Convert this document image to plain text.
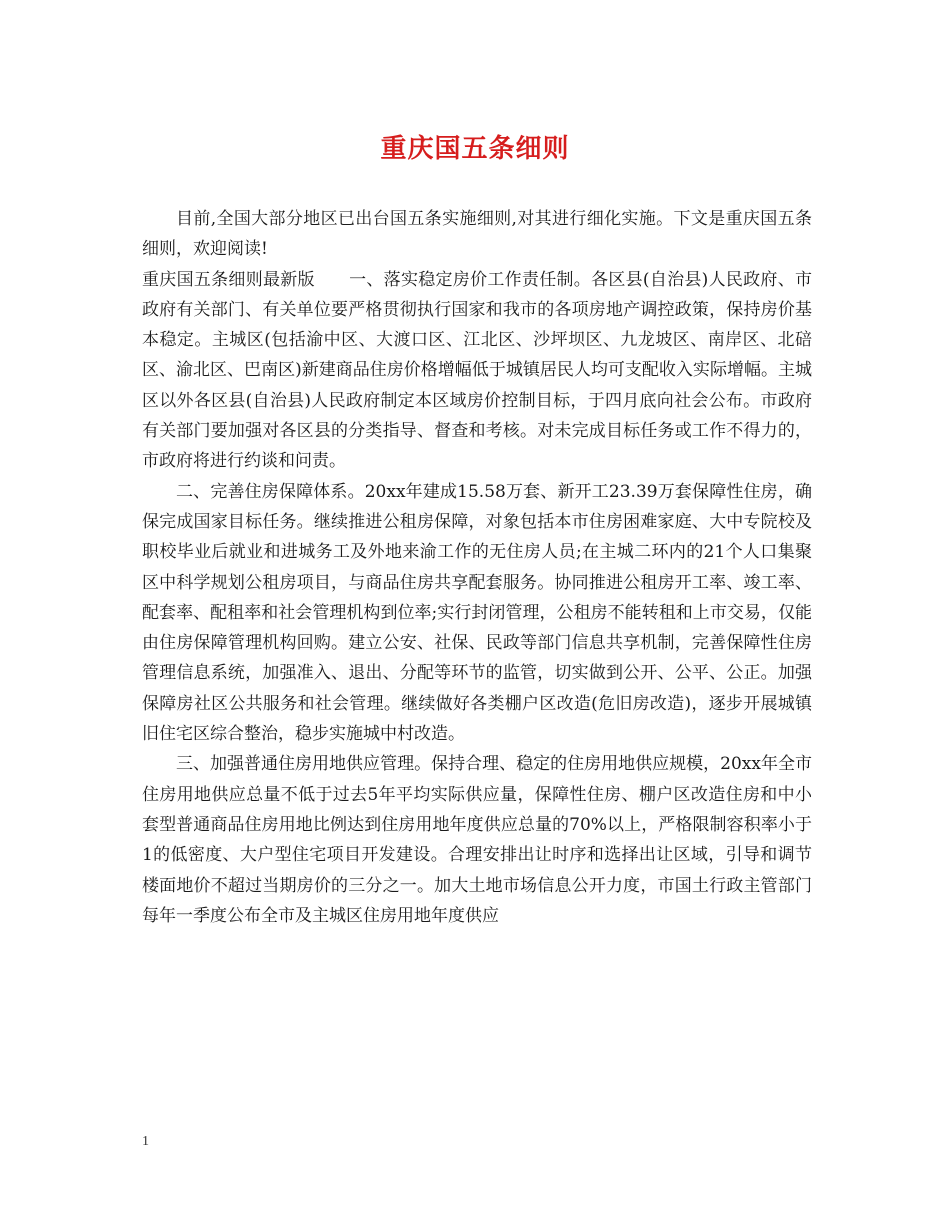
重庆国五条细则

目前,全国大部分地区已出台国五条实施细则,对其进行细化实施。下文是重庆国五条细则，欢迎阅读!

重庆国五条细则最新版 一、落实稳定房价工作责任制。各区县(自治县)人民政府、市政府有关部门、有关单位要严格贯彻执行国家和我市的各项房地产调控政策，保持房价基本稳定。主城区(包括渝中区、大渡口区、江北区、沙坪坝区、九龙坡区、南岸区、北碚区、渝北区、巴南区)新建商品住房价格增幅低于城镇居民人均可支配收入实际增幅。主城区以外各区县(自治县)人民政府制定本区域房价控制目标，于四月底向社会公布。市政府有关部门要加强对各区县的分类指导、督查和考核。对未完成目标任务或工作不得力的，市政府将进行约谈和问责。

二、完善住房保障体系。20xx年建成15.58万套、新开工23.39万套保障性住房，确保完成国家目标任务。继续推进公租房保障，对象包括本市住房困难家庭、大中专院校及职校毕业后就业和进城务工及外地来渝工作的无住房人员;在主城二环内的21个人口集聚区中科学规划公租房项目，与商品住房共享配套服务。协同推进公租房开工率、竣工率、配套率、配租率和社会管理机构到位率;实行封闭管理，公租房不能转租和上市交易，仅能由住房保障管理机构回购。建立公安、社保、民政等部门信息共享机制，完善保障性住房管理信息系统，加强准入、退出、分配等环节的监管，切实做到公开、公平、公正。加强保障房社区公共服务和社会管理。继续做好各类棚户区改造(危旧房改造)，逐步开展城镇旧住宅区综合整治，稳步实施城中村改造。

三、加强普通住房用地供应管理。保持合理、稳定的住房用地供应规模，20xx年全市住房用地供应总量不低于过去5年平均实际供应量，保障性住房、棚户区改造住房和中小套型普通商品住房用地比例达到住房用地年度供应总量的70%以上，严格限制容积率小于1的低密度、大户型住宅项目开发建设。合理安排出让时序和选择出让区域，引导和调节楼面地价不超过当期房价的三分之一。加大土地市场信息公开力度，市国土行政主管部门每年一季度公布全市及主城区住房用地年度供应

1
